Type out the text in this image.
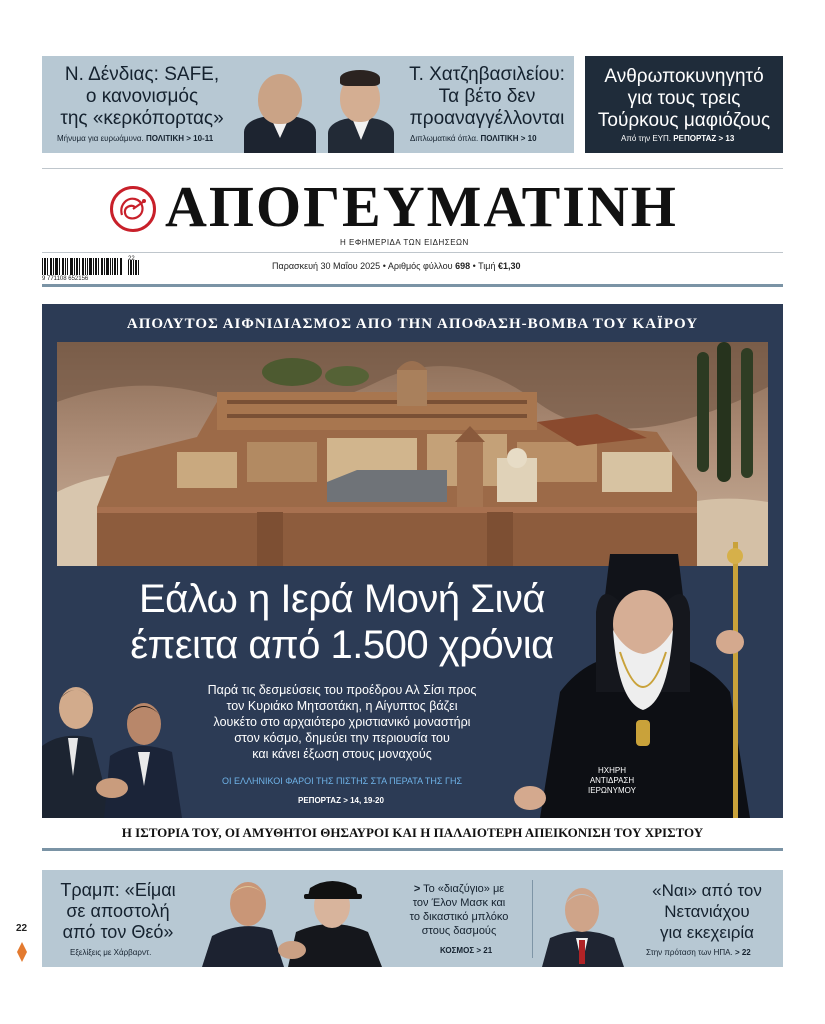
Ν. Δένδιας: SAFE,
ο κανονισμός
της «κερκόπορτας»
Μήνυμα για ευρωάμυνα. ΠΟΛΙΤΙΚΗ > 10-11
Τ. Χατζηβασιλείου:
Τα βέτο δεν
προαναγγέλλονται
Διπλωματικά όπλα. ΠΟΛΙΤΙΚΗ > 10
Ανθρωποκυνηγητό
για τους τρεις
Τούρκους μαφιόζους
Από την ΕΥΠ. ΡΕΠΟΡΤΑΖ > 13
ΑΠΟΓΕΥΜΑΤΙΝΗ
Η ΕΦΗΜΕΡΙΔΑ ΤΩΝ ΕΙΔΗΣΕΩΝ
9 771108 652156
22
Παρασκευή 30 Μαΐου 2025 • Αριθμός φύλλου 698 • Τιμή €1,30
ΑΠΟΛΥΤΟΣ ΑΙΦΝΙΔΙΑΣΜΟΣ ΑΠΟ ΤΗΝ ΑΠΟΦΑΣΗ-ΒΟΜΒΑ ΤΟΥ ΚΑΪΡΟΥ
Εάλω η Ιερά Μονή Σινά
έπειτα από 1.500 χρόνια
Παρά τις δεσμεύσεις του προέδρου Αλ Σίσι προς
τον Κυριάκο Μητσοτάκη, η Αίγυπτος βάζει
λουκέτο στο αρχαιότερο χριστιανικό μοναστήρι
στον κόσμο, δημεύει την περιουσία του
και κάνει έξωση στους μοναχούς
ΟΙ ΕΛΛΗΝΙΚΟΙ ΦΑΡΟΙ ΤΗΣ ΠΙΣΤΗΣ ΣΤΑ ΠΕΡΑΤΑ ΤΗΣ ΓΗΣ
ΡΕΠΟΡΤΑΖ > 14, 19-20
ΗΧΗΡΗ
ΑΝΤΙΔΡΑΣΗ
ΙΕΡΩΝΥΜΟΥ
Η ΙΣΤΟΡΙΑ ΤΟΥ, ΟΙ ΑΜΥΘΗΤΟΙ ΘΗΣΑΥΡΟΙ ΚΑΙ Η ΠΑΛΑΙΟΤΕΡΗ ΑΠΕΙΚΟΝΙΣΗ ΤΟΥ ΧΡΙΣΤΟΥ
Τραμπ: «Είμαι
σε αποστολή
από τον Θεό»
Εξελίξεις με Χάρβαρντ.
> Το «διαζύγιο» με
τον Έλον Μασκ και
το δικαστικό μπλόκο
στους δασμούς
ΚΟΣΜΟΣ > 21
«Ναι» από τον
Νετανιάχου
για εκεχειρία
Στην πρόταση των ΗΠΑ. > 22
22
